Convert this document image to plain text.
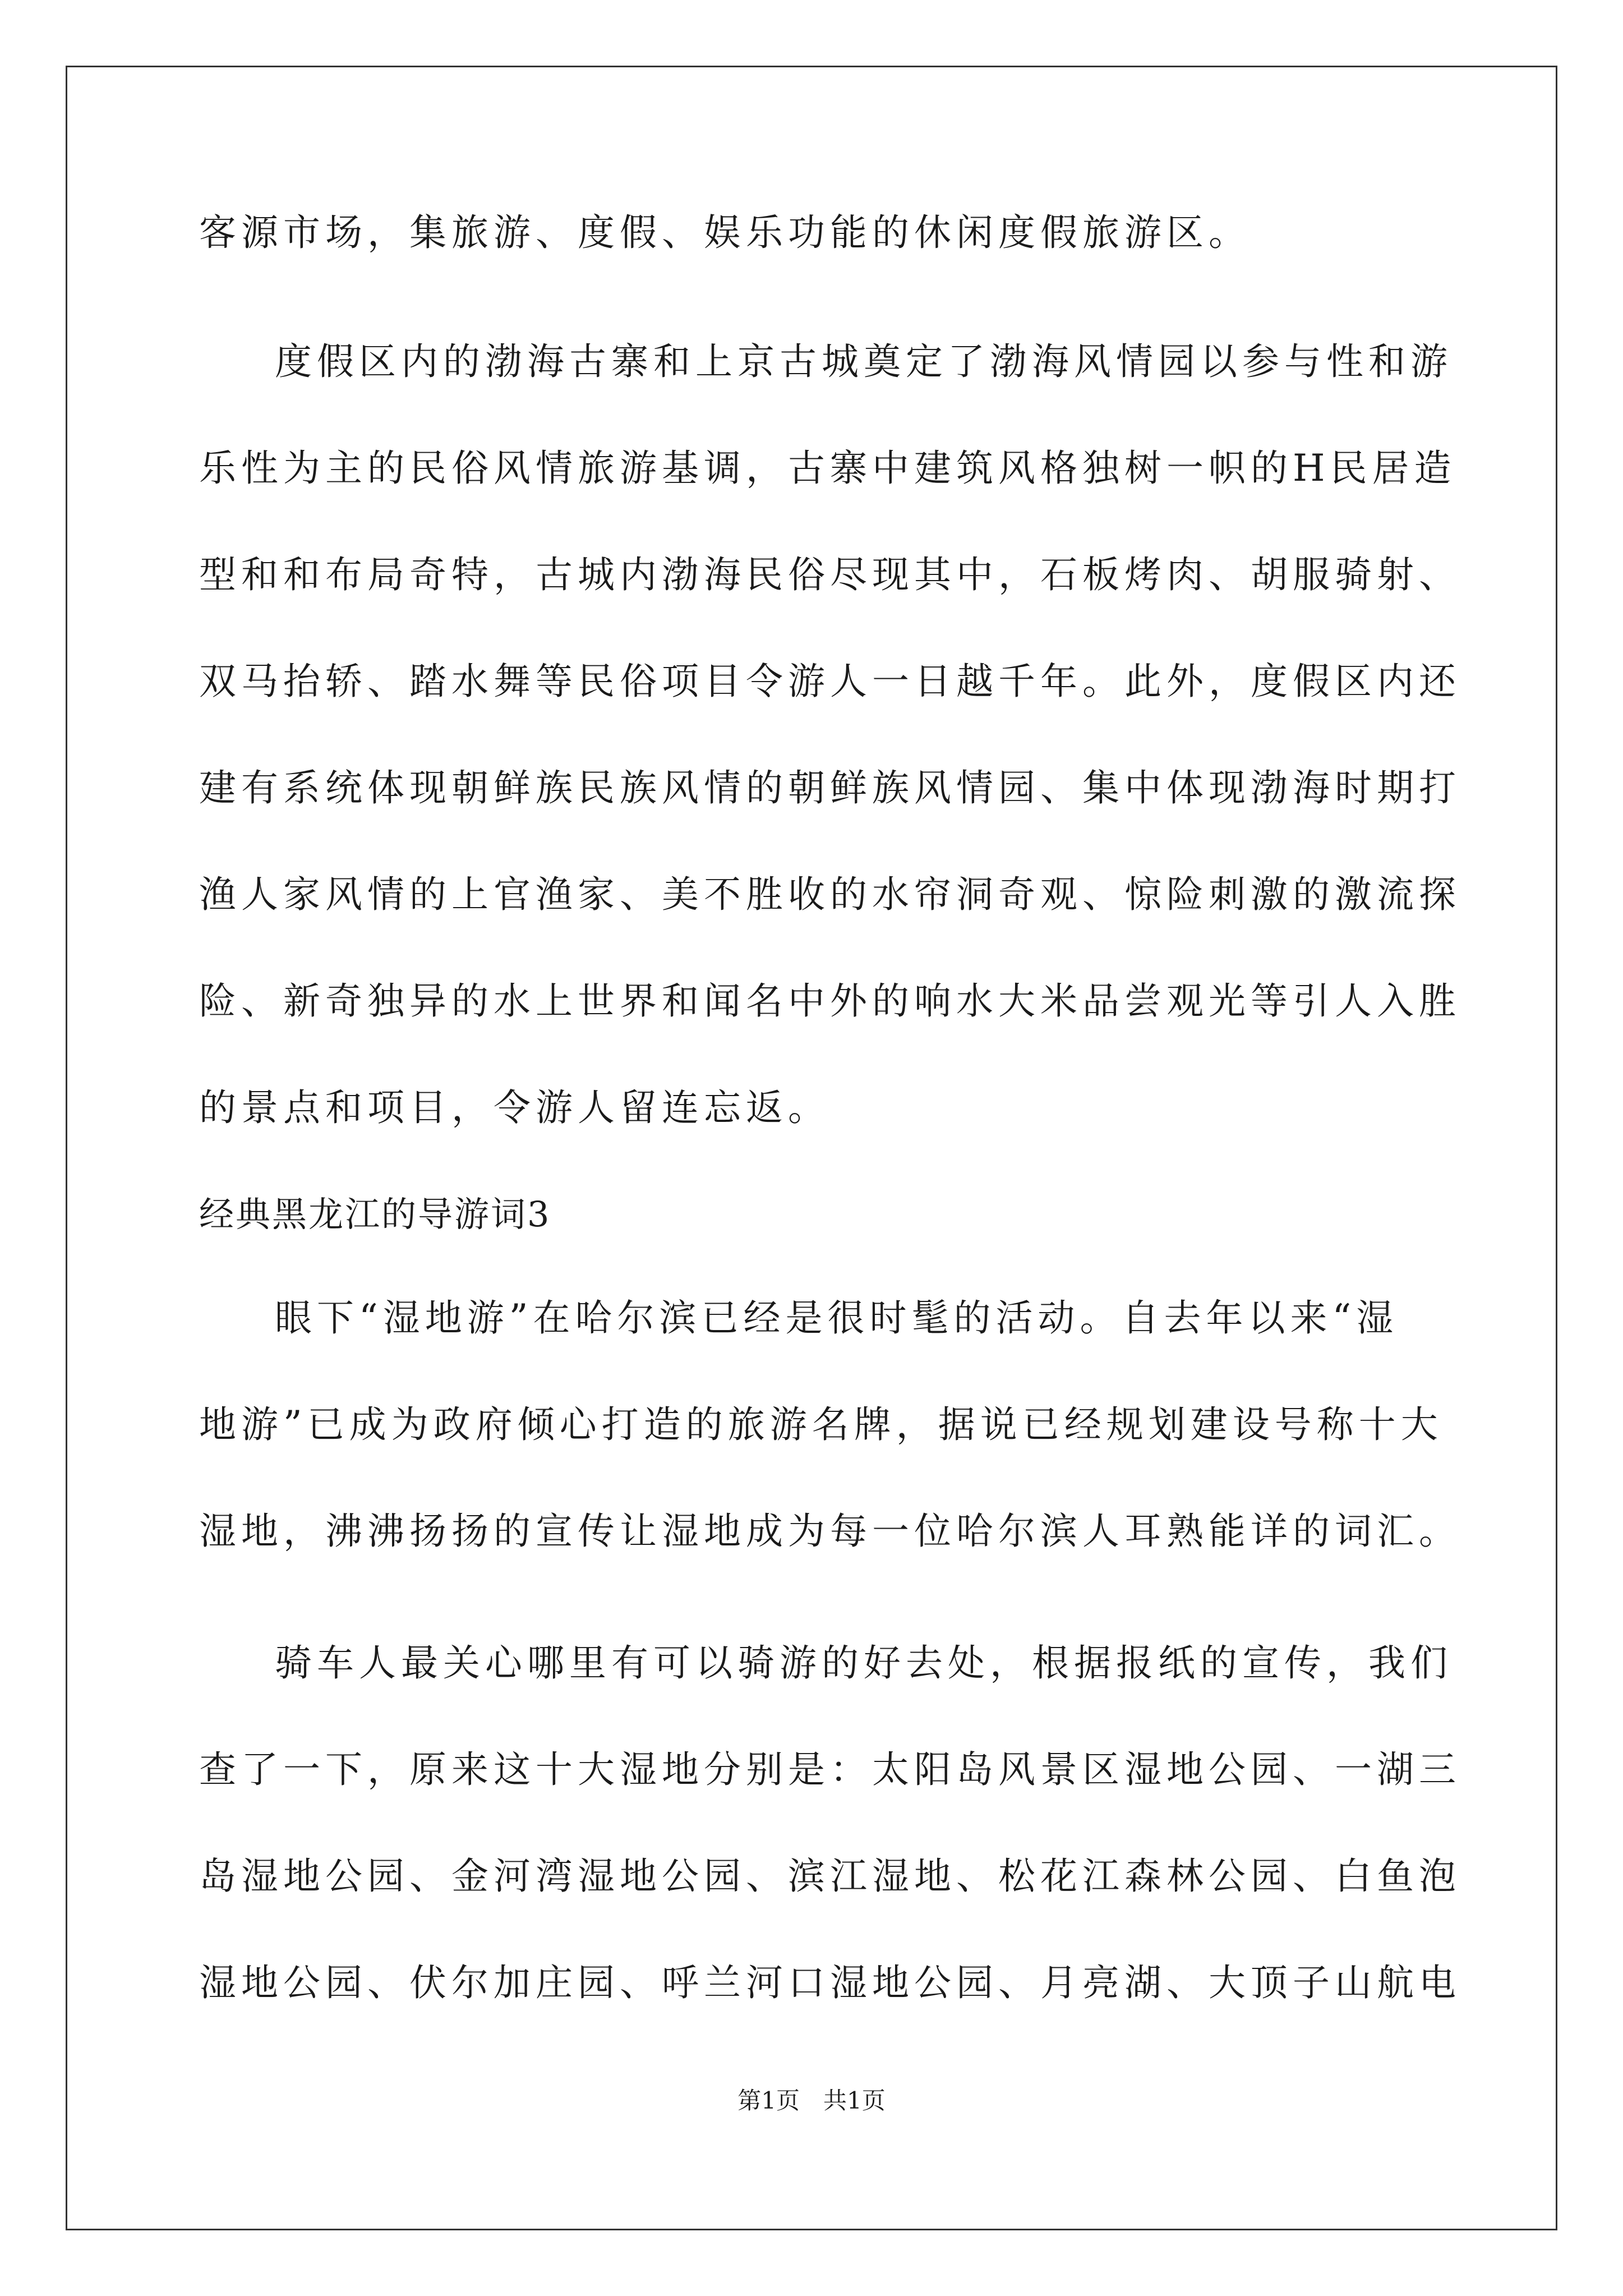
客源市场，集旅游、度假、娱乐功能的休闲度假旅游区。

度假区内的渤海古寨和上京古城奠定了渤海风情园以参与性和游

乐性为主的民俗风情旅游基调，古寨中建筑风格独树一帜的H民居造

型和和布局奇特，古城内渤海民俗尽现其中，石板烤肉、胡服骑射、

双马抬轿、踏水舞等民俗项目令游人一日越千年。此外，度假区内还

建有系统体现朝鲜族民族风情的朝鲜族风情园、集中体现渤海时期打

渔人家风情的上官渔家、美不胜收的水帘洞奇观、惊险刺激的激流探

险、新奇独异的水上世界和闻名中外的响水大米品尝观光等引人入胜

的景点和项目，令游人留连忘返。

经典黑龙江的导游词3

眼下“湿地游”在哈尔滨已经是很时髦的活动。自去年以来“湿

地游”已成为政府倾心打造的旅游名牌，据说已经规划建设号称十大

湿地，沸沸扬扬的宣传让湿地成为每一位哈尔滨人耳熟能详的词汇。

骑车人最关心哪里有可以骑游的好去处，根据报纸的宣传，我们

查了一下，原来这十大湿地分别是：太阳岛风景区湿地公园、一湖三

岛湿地公园、金河湾湿地公园、滨江湿地、松花江森林公园、白鱼泡

湿地公园、伏尔加庄园、呼兰河口湿地公园、月亮湖、大顶子山航电

第1页　共1页
